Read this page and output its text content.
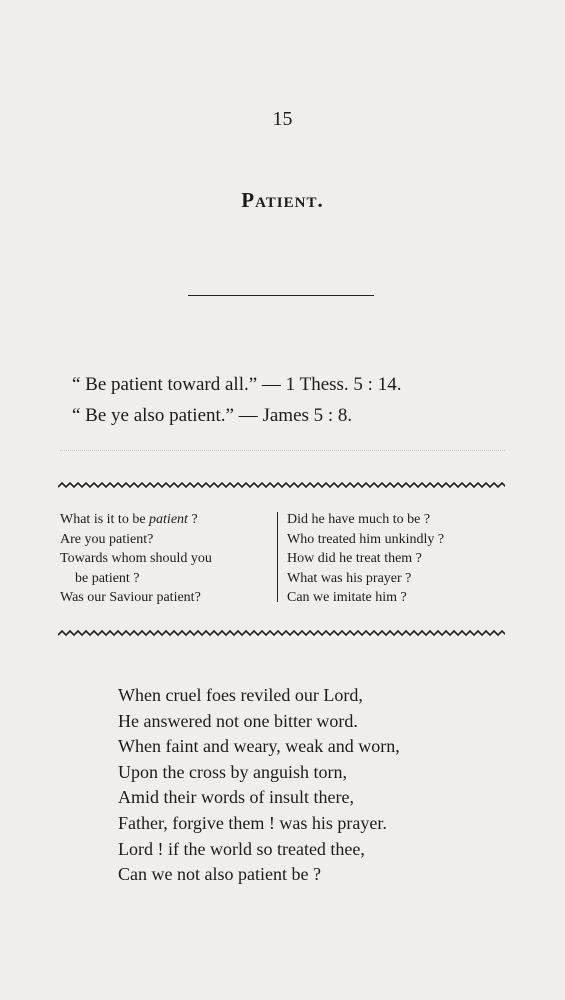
15
Patient.
“ Be patient toward all.” — 1 Thess. 5 : 14.
“ Be ye also patient.” — James 5 : 8.
What is it to be patient ?
Are you patient?
Towards whom should you
be patient ?
Was our Saviour patient?
Did he have much to be ?
Who treated him unkindly ?
How did he treat them ?
What was his prayer ?
Can we imitate him ?
When cruel foes reviled our Lord,
He answered not one bitter word.
When faint and weary, weak and worn,
Upon the cross by anguish torn,
Amid their words of insult there,
Father, forgive them ! was his prayer.
Lord ! if the world so treated thee,
Can we not also patient be ?
